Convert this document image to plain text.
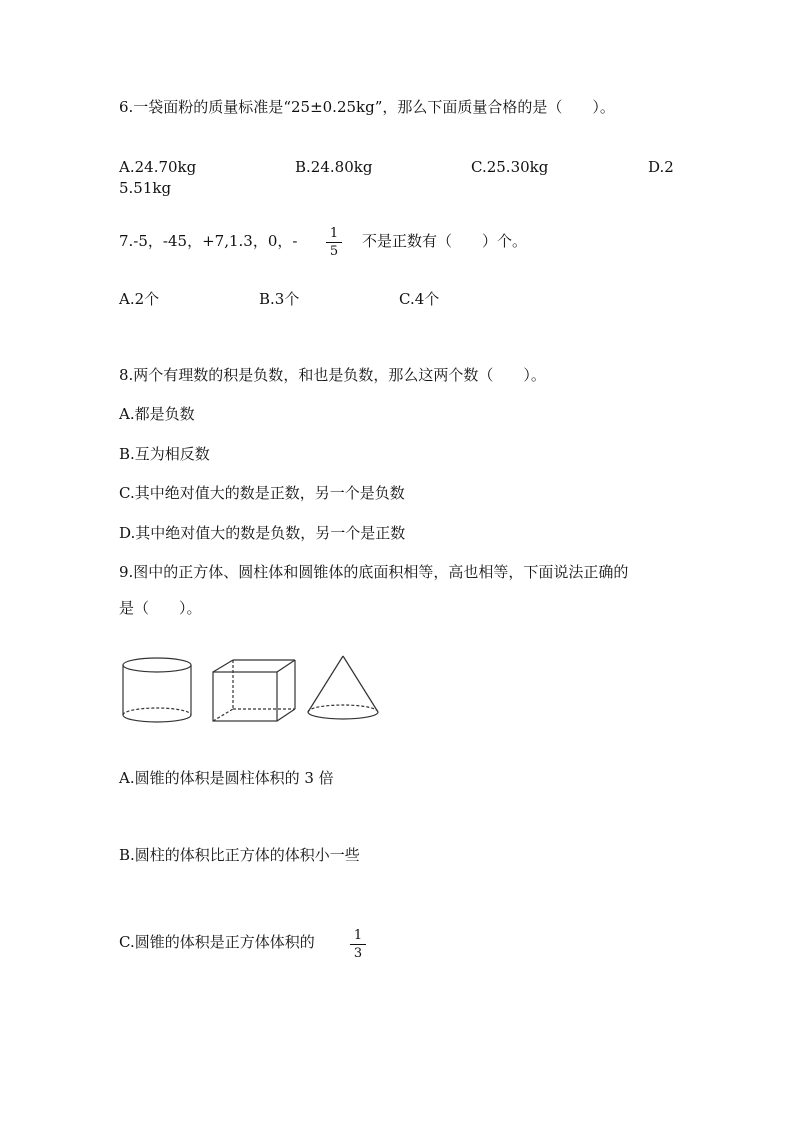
6.一袋面粉的质量标准是“25±0.25kg”，那么下面质量合格的是（　　）。
A.24.70kg	B.24.80kg	C.25.30kg	D.2
5.51kg
7.-5，-45，+7,1.3，0，-	1
5
不是正数有（　　）个。
A.2个	B.3个	C.4个
8.两个有理数的积是负数，和也是负数，那么这两个数（　　）。
A.都是负数
B.互为相反数
C.其中绝对值大的数是正数，另一个是负数
D.其中绝对值大的数是负数，另一个是正数
9.图中的正方体、圆柱体和圆锥体的底面积相等，高也相等，下面说法正确的
是（　　）。
A.圆锥的体积是圆柱体积的 3 倍
B.圆柱的体积比正方体的体积小一些
C.圆锥的体积是正方体体积的	1
3
